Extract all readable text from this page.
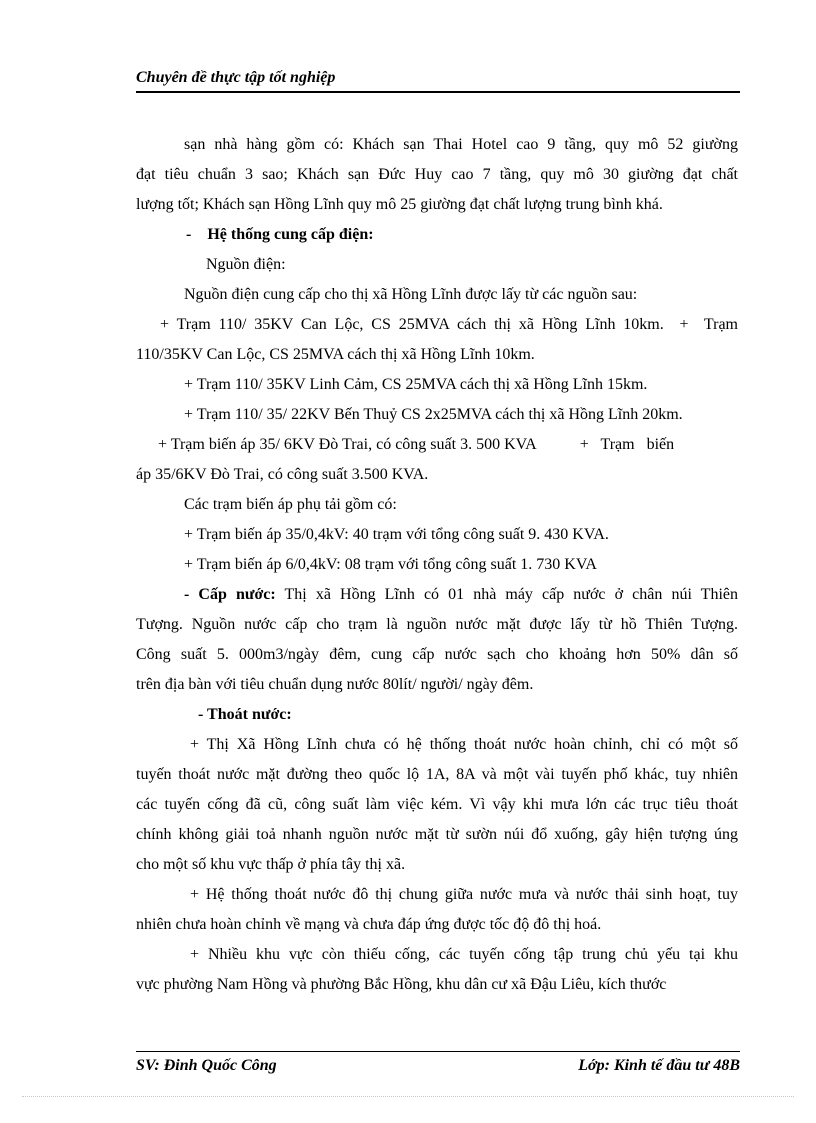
Chuyên đề thực tập tốt nghiệp

sạn nhà hàng gồm có: Khách sạn Thai Hotel cao 9 tầng, quy mô 52 giường

đạt tiêu chuẩn 3 sao; Khách sạn Đức Huy cao 7 tầng, quy mô 30 giường đạt chất

lượng tốt; Khách sạn Hồng Lĩnh quy mô 25 giường đạt chất lượng trung bình khá.

-    Hệ thống cung cấp điện:

Nguồn điện:

Nguồn điện cung cấp cho thị xã Hồng Lĩnh được lấy từ các nguồn sau:

+ Trạm 110/ 35KV Can Lộc, CS 25MVA cách thị xã Hồng Lĩnh 10km.  +  Trạm

110/35KV Can Lộc, CS 25MVA cách thị xã Hồng Lĩnh 10km.

+ Trạm 110/ 35KV Linh Cảm, CS 25MVA cách thị xã Hồng Lĩnh 15km.

+ Trạm 110/ 35/ 22KV Bến Thuỷ CS 2x25MVA cách thị xã Hồng Lĩnh 20km.

+ Trạm biến áp 35/ 6KV Đò Trai, có công suất 3. 500 KVA           +   Trạm   biến

áp 35/6KV Đò Trai, có công suất 3.500 KVA.

Các trạm biến áp phụ tải gồm có:

+ Trạm biến áp 35/0,4kV: 40 trạm với tổng công suất 9. 430 KVA.

+ Trạm biến áp 6/0,4kV: 08 trạm với tổng công suất 1. 730 KVA

- Cấp nước: Thị xã Hồng Lĩnh có 01 nhà máy cấp nước ở chân núi Thiên

Tượng. Nguồn nước cấp cho trạm là nguồn nước mặt được lấy từ hồ Thiên Tượng.

Công suất 5. 000m3/ngày đêm, cung cấp nước sạch cho khoảng hơn 50% dân số

trên địa bàn với tiêu chuẩn dụng nước 80lít/ người/ ngày đêm.

- Thoát nước:

+ Thị Xã Hồng Lĩnh chưa có hệ thống thoát nước hoàn chỉnh, chỉ có một số

tuyến thoát nước mặt đường theo quốc lộ 1A, 8A và một vài tuyến phố khác, tuy nhiên

các tuyến cống đã cũ, công suất làm việc kém. Vì vậy khi mưa lớn các trục tiêu thoát

chính không giải toả nhanh nguồn nước mặt từ sườn núi đổ xuống, gây hiện tượng úng

cho một số khu vực thấp ở phía tây thị xã.

+ Hệ thống thoát nước đô thị chung giữa nước mưa và nước thải sinh hoạt, tuy

nhiên chưa hoàn chỉnh về mạng và chưa đáp ứng được tốc độ đô thị hoá.

+ Nhiều khu vực còn thiếu cống, các tuyến cống tập trung chủ yếu tại khu

vực phường Nam Hồng và phường Bắc Hồng, khu dân cư xã Đậu Liêu, kích thước

SV: Đinh Quốc Công	Lớp: Kinh tế đầu tư 48B
